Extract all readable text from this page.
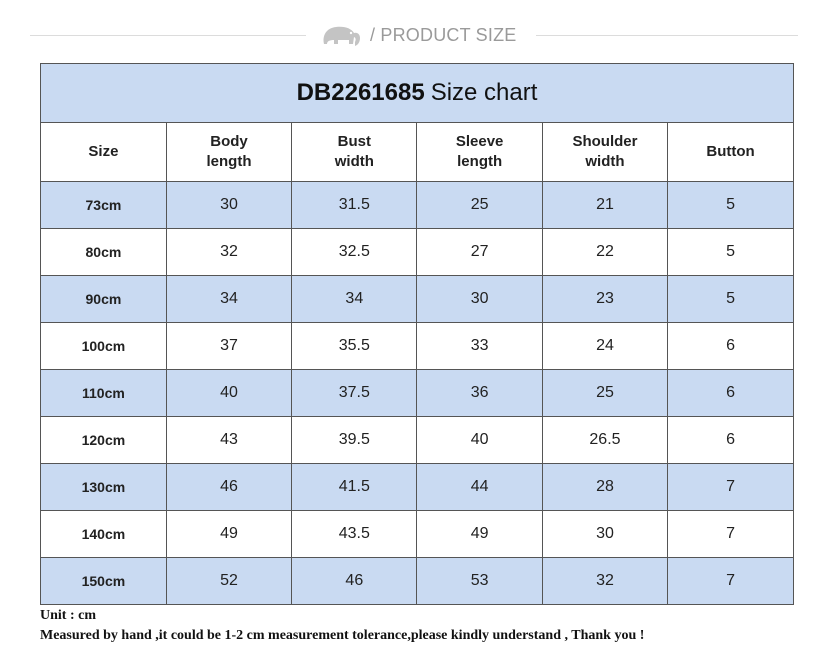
/ PRODUCT SIZE
DB2261685 Size chart
Size	Body length	Bust width	Sleeve length	Shoulder width	Button
73cm	30	31.5	25	21	5
80cm	32	32.5	27	22	5
90cm	34	34	30	23	5
100cm	37	35.5	33	24	6
110cm	40	37.5	36	25	6
120cm	43	39.5	40	26.5	6
130cm	46	41.5	44	28	7
140cm	49	43.5	49	30	7
150cm	52	46	53	32	7
Unit : cm
Measured by hand ,it could be 1-2 cm measurement tolerance,please kindly understand , Thank you !
